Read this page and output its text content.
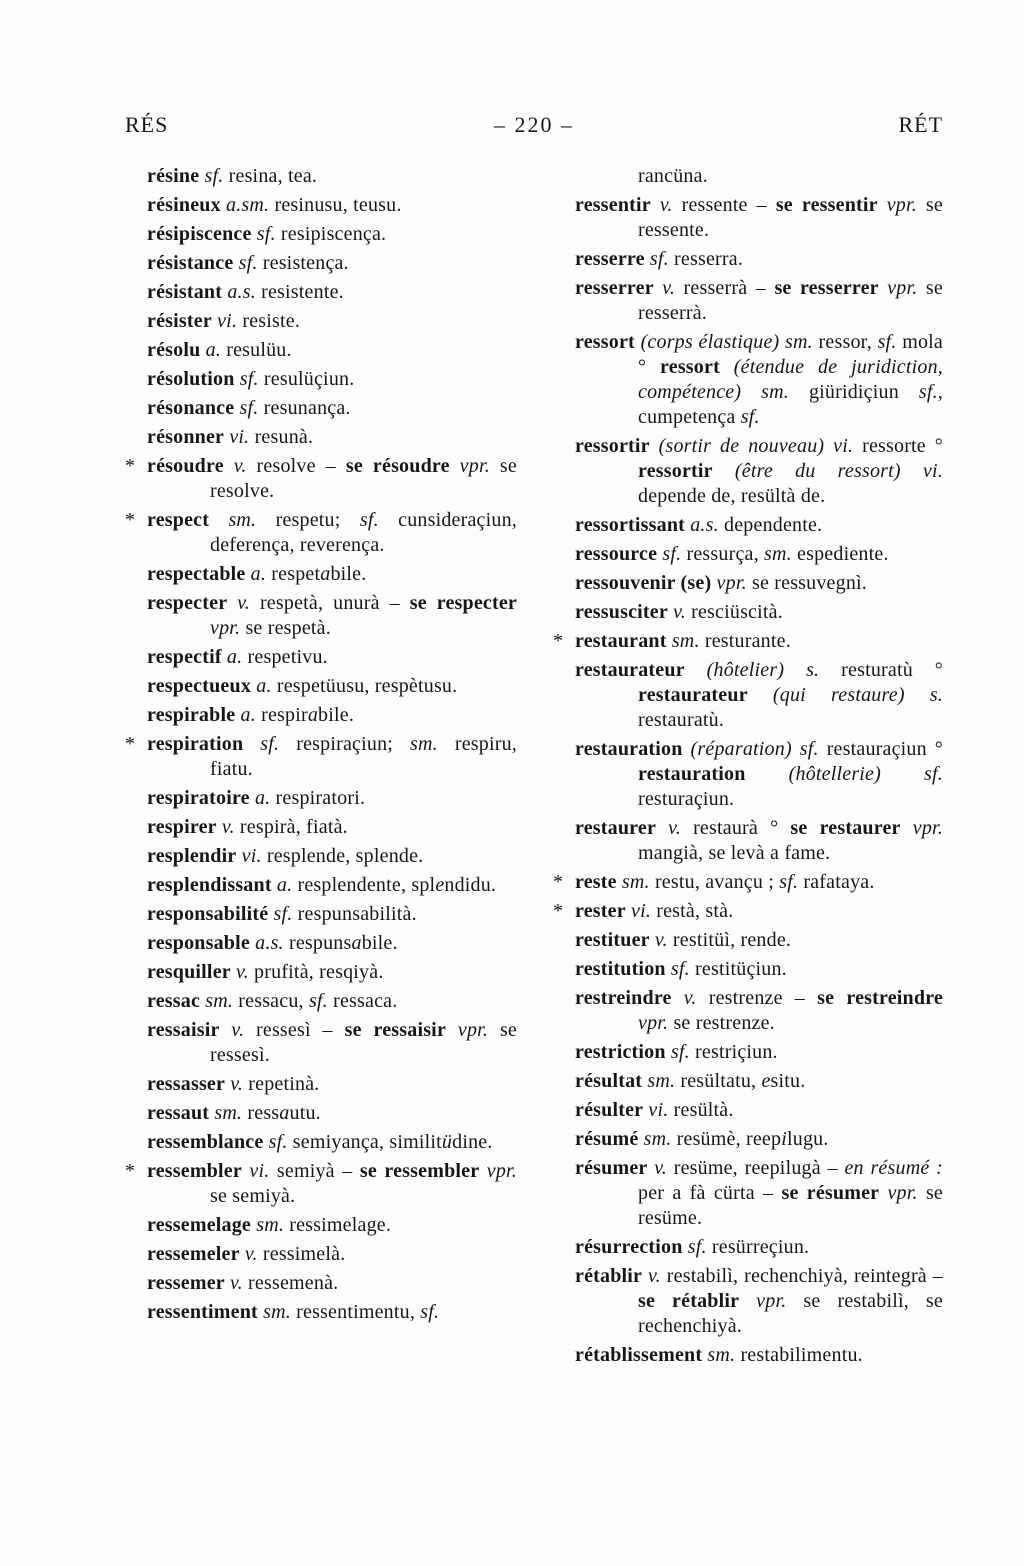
RÉS	– 220 –	RÉT

résine sf. resina, tea.

résineux a.sm. resinusu, teusu.

résipiscence sf. resipiscença.

résistance sf. resistença.

résistant a.s. resistente.

résister vi. resiste.

résolu a. resulüu.

résolution sf. resulüçiun.

résonance sf. resunança.

résonner vi. resunà.

* résoudre v. resolve – se résoudre vpr. se resolve.

* respect sm. respetu; sf. cunsideraçiun, deferença, reverença.

respectable a. respetabile.

respecter v. respetà, unurà – se respecter vpr. se respetà.

respectif a. respetivu.

respectueux a. respetüusu, respètusu.

respirable a. respirabile.

* respiration sf. respiraçiun; sm. respiru, fiatu.

respiratoire a. respiratori.

respirer v. respirà, fiatà.

resplendir vi. resplende, splende.

resplendissant a. resplendente, splendidu.

responsabilité sf. respunsabilità.

responsable a.s. respunsabile.

resquiller v. prufità, resqiyà.

ressac sm. ressacu, sf. ressaca.

ressaisir v. ressesì – se ressaisir vpr. se ressesì.

ressasser v. repetinà.

ressaut sm. ressautu.

ressemblance sf. semiyança, similitüdine.

* ressembler vi. semiyà – se ressembler vpr. se semiyà.

ressemelage sm. ressimelage.

ressemeler v. ressimelà.

ressemer v. ressemenà.

ressentiment sm. ressentimentu, sf.

rancüna.

ressentir v. ressente – se ressentir vpr. se ressente.

resserre sf. resserra.

resserrer v. resserrà – se resserrer vpr. se resserrà.

ressort (corps élastique) sm. ressor, sf. mola ° ressort (étendue de juridiction, compétence) sm. giüridiçiun sf., cumpetença sf.

ressortir (sortir de nouveau) vi. ressorte ° ressortir (être du ressort) vi. depende de, resültà de.

ressortissant a.s. dependente.

ressource sf. ressurça, sm. espediente.

ressouvenir (se) vpr. se ressuvegnì.

ressusciter v. resciüscità.

* restaurant sm. resturante.

restaurateur (hôtelier) s. resturatù ° restaurateur (qui restaure) s. restauratù.

restauration (réparation) sf. restauraçiun ° restauration (hôtellerie) sf. resturaçiun.

restaurer v. restaurà ° se restaurer vpr. mangià, se levà a fame.

* reste sm. restu, avançu ; sf. rafataya.

* rester vi. restà, stà.

restituer v. restitüì, rende.

restitution sf. restitüçiun.

restreindre v. restrenze – se restreindre vpr. se restrenze.

restriction sf. restriçiun.

résultat sm. resültatu, esitu.

résulter vi. resültà.

résumé sm. resümè, reepilugu.

résumer v. resüme, reepilugà – en résumé : per a fà cürta – se résumer vpr. se resüme.

résurrection sf. resürreçiun.

rétablir v. restabilì, rechenchiyà, reintegrà – se rétablir vpr. se restabilì, se rechenchiyà.

rétablissement sm. restabilimentu.
